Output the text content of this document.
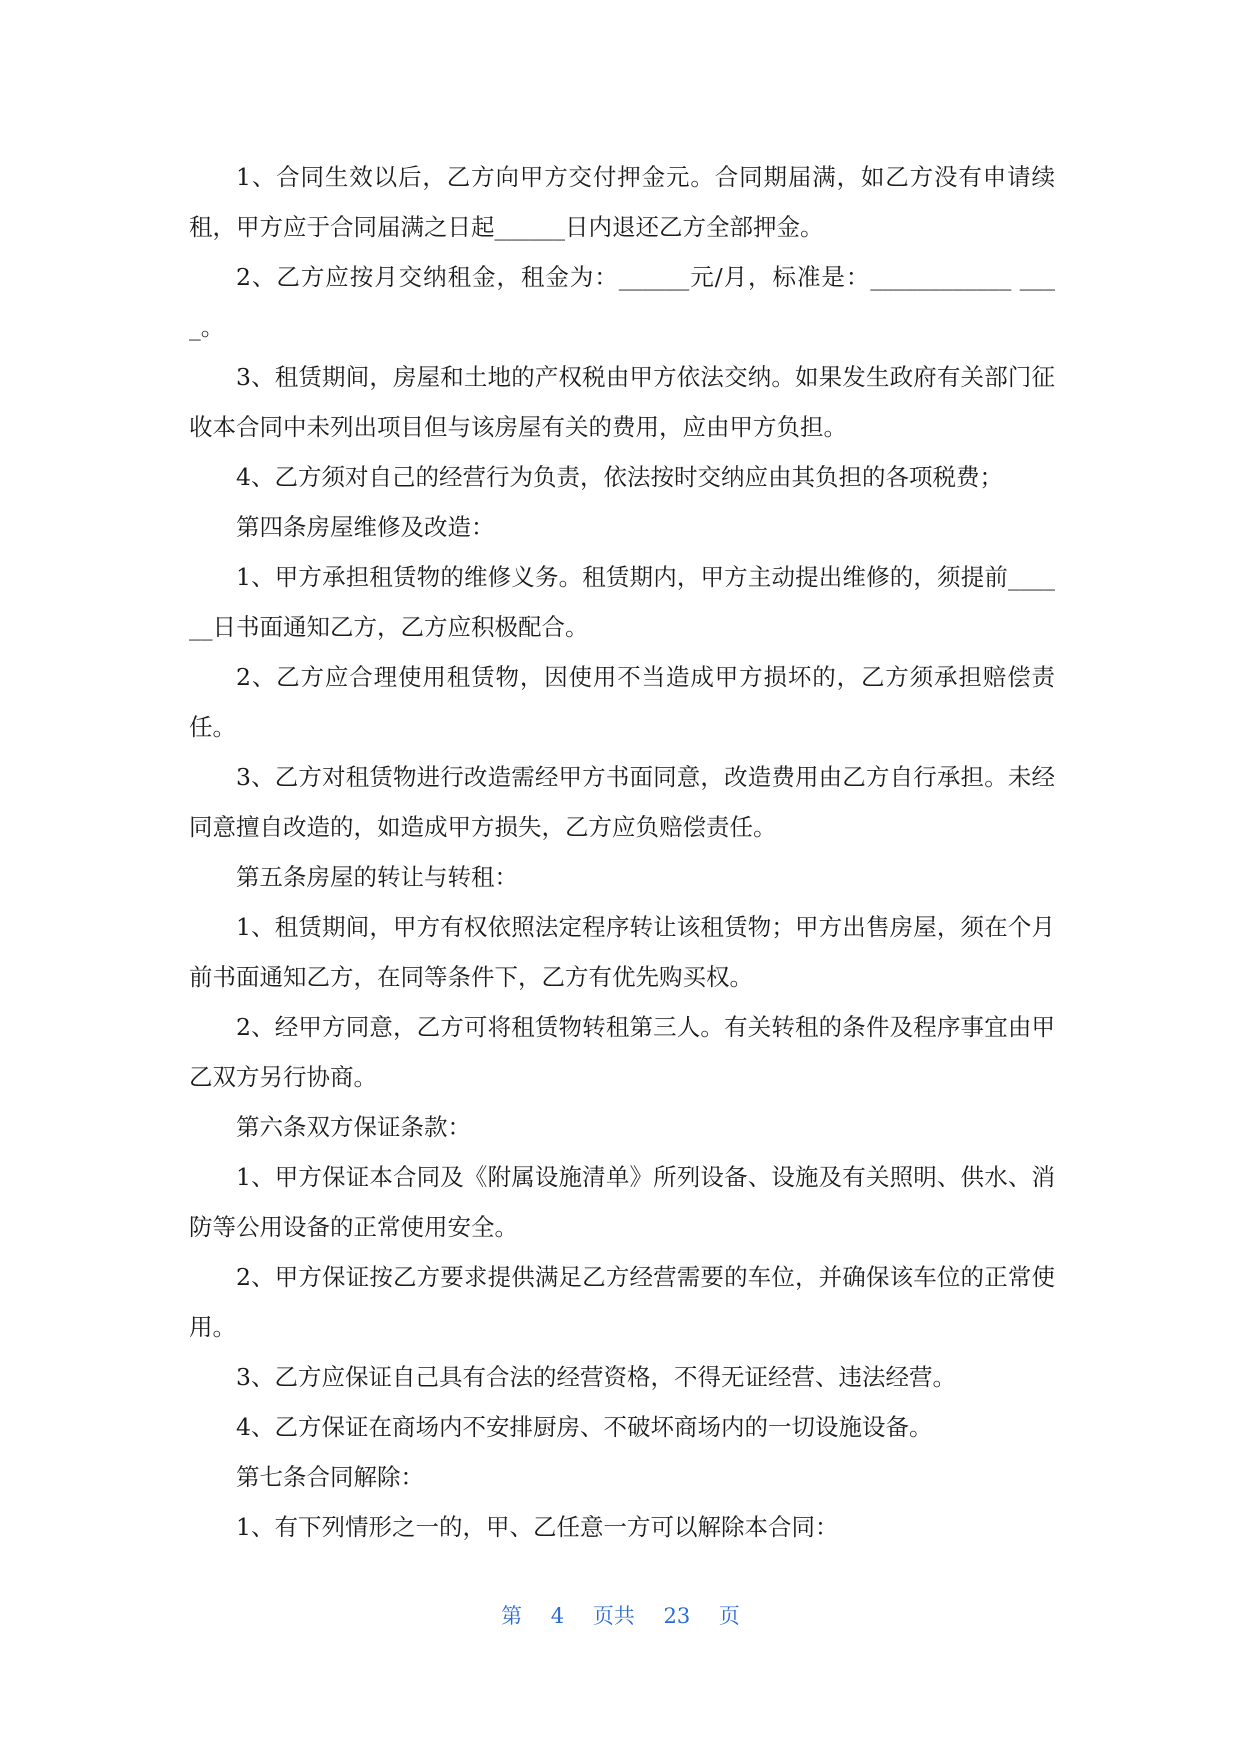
1、合同生效以后，乙方向甲方交付押金元。合同期届满，如乙方没有申请续租，甲方应于合同届满之日起______日内退还乙方全部押金。

2、乙方应按月交纳租金，租金为：______元/月，标准是：____________ ____。

3、租赁期间，房屋和土地的产权税由甲方依法交纳。如果发生政府有关部门征收本合同中未列出项目但与该房屋有关的费用，应由甲方负担。

4、乙方须对自己的经营行为负责，依法按时交纳应由其负担的各项税费；

第四条房屋维修及改造：

1、甲方承担租赁物的维修义务。租赁期内，甲方主动提出维修的，须提前______日书面通知乙方，乙方应积极配合。

2、乙方应合理使用租赁物，因使用不当造成甲方损坏的，乙方须承担赔偿责任。

3、乙方对租赁物进行改造需经甲方书面同意，改造费用由乙方自行承担。未经同意擅自改造的，如造成甲方损失，乙方应负赔偿责任。

第五条房屋的转让与转租：

1、租赁期间，甲方有权依照法定程序转让该租赁物；甲方出售房屋，须在个月前书面通知乙方，在同等条件下，乙方有优先购买权。

2、经甲方同意，乙方可将租赁物转租第三人。有关转租的条件及程序事宜由甲乙双方另行协商。

第六条双方保证条款：

1、甲方保证本合同及《附属设施清单》所列设备、设施及有关照明、供水、消防等公用设备的正常使用安全。

2、甲方保证按乙方要求提供满足乙方经营需要的车位，并确保该车位的正常使用。

3、乙方应保证自己具有合法的经营资格，不得无证经营、违法经营。

4、乙方保证在商场内不安排厨房、不破坏商场内的一切设施设备。

第七条合同解除：

1、有下列情形之一的，甲、乙任意一方可以解除本合同：

第 4 页共 23 页
